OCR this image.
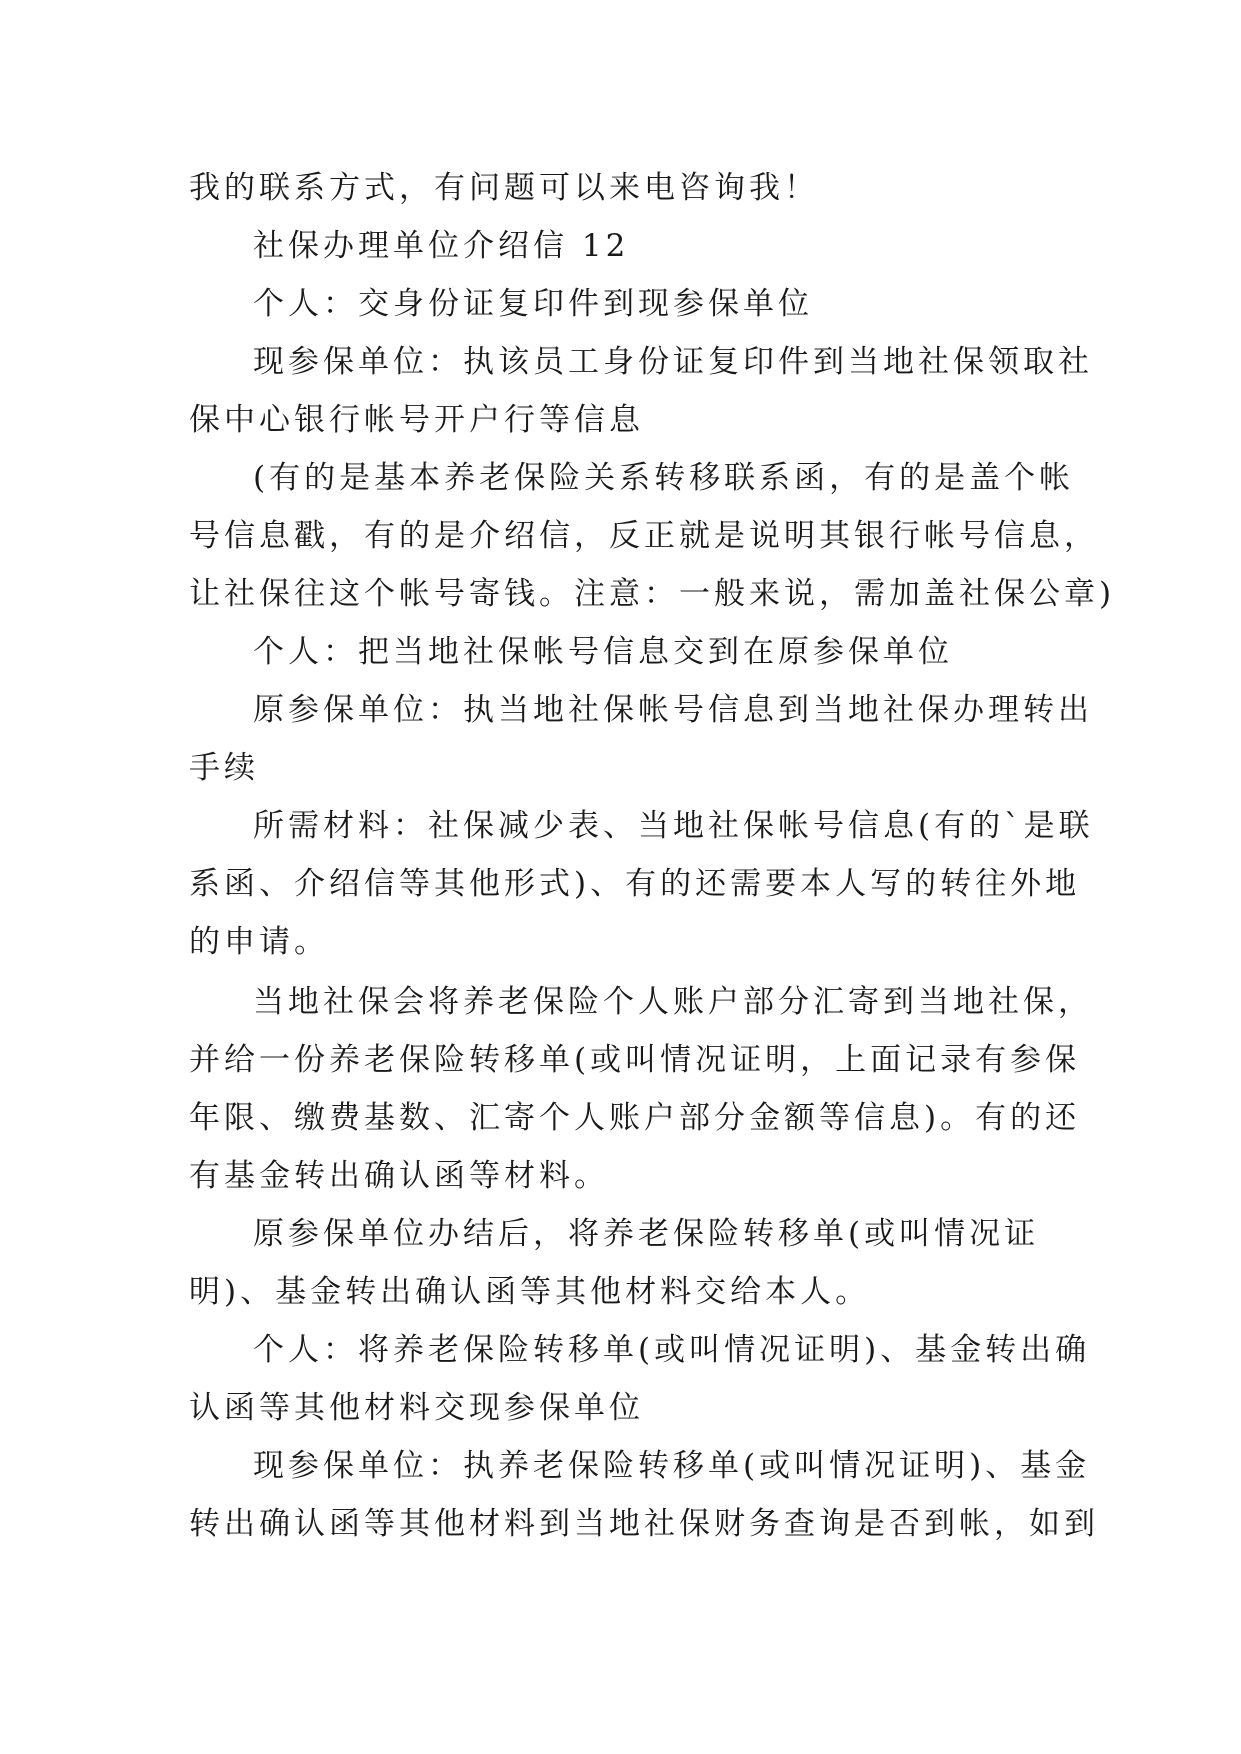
我的联系方式，有问题可以来电咨询我！
社保办理单位介绍信 12
个人：交身份证复印件到现参保单位
现参保单位：执该员工身份证复印件到当地社保领取社
保中心银行帐号开户行等信息
(有的是基本养老保险关系转移联系函，有的是盖个帐
号信息戳，有的是介绍信，反正就是说明其银行帐号信息，
让社保往这个帐号寄钱。注意：一般来说，需加盖社保公章)
个人：把当地社保帐号信息交到在原参保单位
原参保单位：执当地社保帐号信息到当地社保办理转出
手续
所需材料：社保减少表、当地社保帐号信息(有的`是联
系函、介绍信等其他形式)、有的还需要本人写的转往外地
的申请。
当地社保会将养老保险个人账户部分汇寄到当地社保，
并给一份养老保险转移单(或叫情况证明，上面记录有参保
年限、缴费基数、汇寄个人账户部分金额等信息)。有的还
有基金转出确认函等材料。
原参保单位办结后，将养老保险转移单(或叫情况证
明)、基金转出确认函等其他材料交给本人。
个人：将养老保险转移单(或叫情况证明)、基金转出确
认函等其他材料交现参保单位
现参保单位：执养老保险转移单(或叫情况证明)、基金
转出确认函等其他材料到当地社保财务查询是否到帐，如到
